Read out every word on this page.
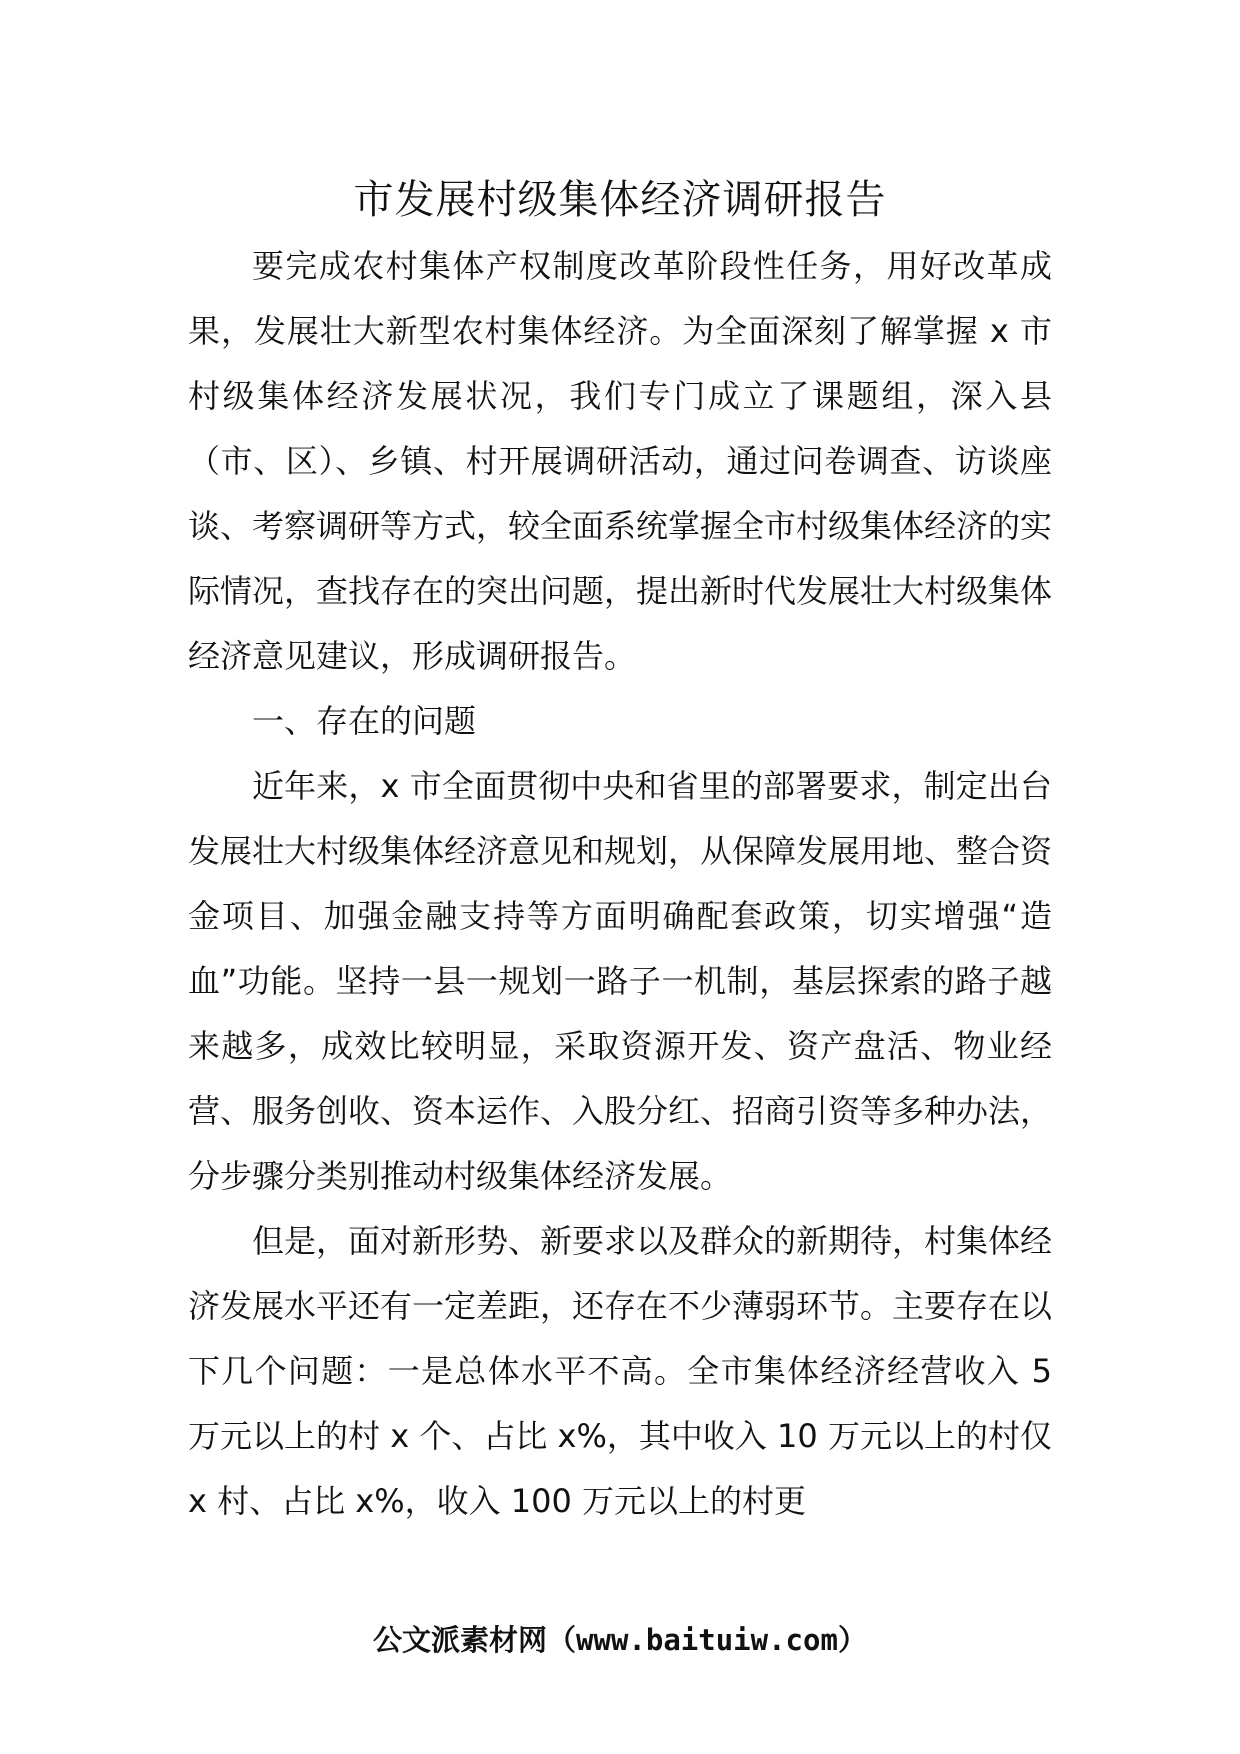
市发展村级集体经济调研报告

要完成农村集体产权制度改革阶段性任务，用好改革成果，发展壮大新型农村集体经济。为全面深刻了解掌握 x 市村级集体经济发展状况，我们专门成立了课题组，深入县（市、区）、乡镇、村开展调研活动，通过问卷调查、访谈座谈、考察调研等方式，较全面系统掌握全市村级集体经济的实际情况，查找存在的突出问题，提出新时代发展壮大村级集体经济意见建议，形成调研报告。

一、存在的问题

近年来，x 市全面贯彻中央和省里的部署要求，制定出台发展壮大村级集体经济意见和规划，从保障发展用地、整合资金项目、加强金融支持等方面明确配套政策，切实增强“造血”功能。坚持一县一规划一路子一机制，基层探索的路子越来越多，成效比较明显，采取资源开发、资产盘活、物业经营、服务创收、资本运作、入股分红、招商引资等多种办法，分步骤分类别推动村级集体经济发展。

但是，面对新形势、新要求以及群众的新期待，村集体经济发展水平还有一定差距，还存在不少薄弱环节。主要存在以下几个问题：一是总体水平不高。全市集体经济经营收入 5 万元以上的村 x 个、占比 x%，其中收入 10 万元以上的村仅 x 村、占比 x%，收入 100 万元以上的村更

公文派素材网（www.baituiw.com）
